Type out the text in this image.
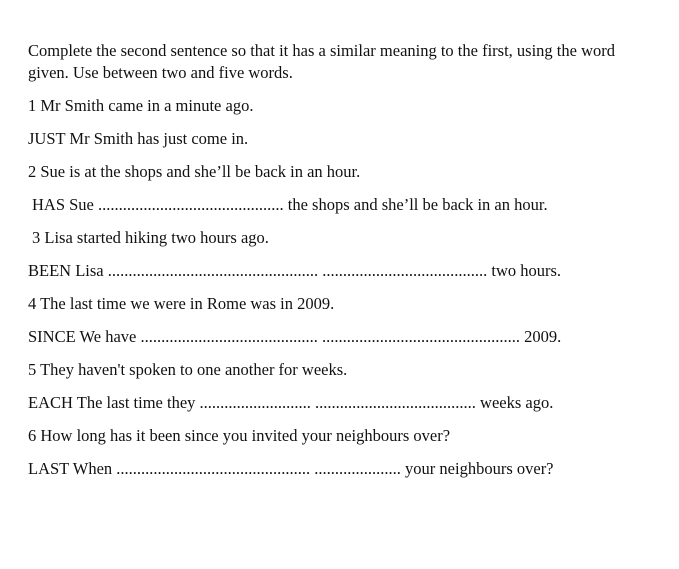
Complete the second sentence so that it has a similar meaning to the first, using the word given. Use between two and five words.

1 Mr Smith came in a minute ago.
JUST Mr Smith has just come in.
2 Sue is at the shops and she’ll be back in an hour.
HAS Sue ............................................. the shops and she’ll be back in an hour.
3 Lisa started hiking two hours ago.
BEEN Lisa ................................................... ........................................ two hours.
4 The last time we were in Rome was in 2009.
SINCE We have ........................................... ................................................ 2009.
5 They haven't spoken to one another for weeks.
EACH The last time they ........................... ....................................... weeks ago.
6 How long has it been since you invited your neighbours over?
LAST When ............................................... ..................... your neighbours over?
